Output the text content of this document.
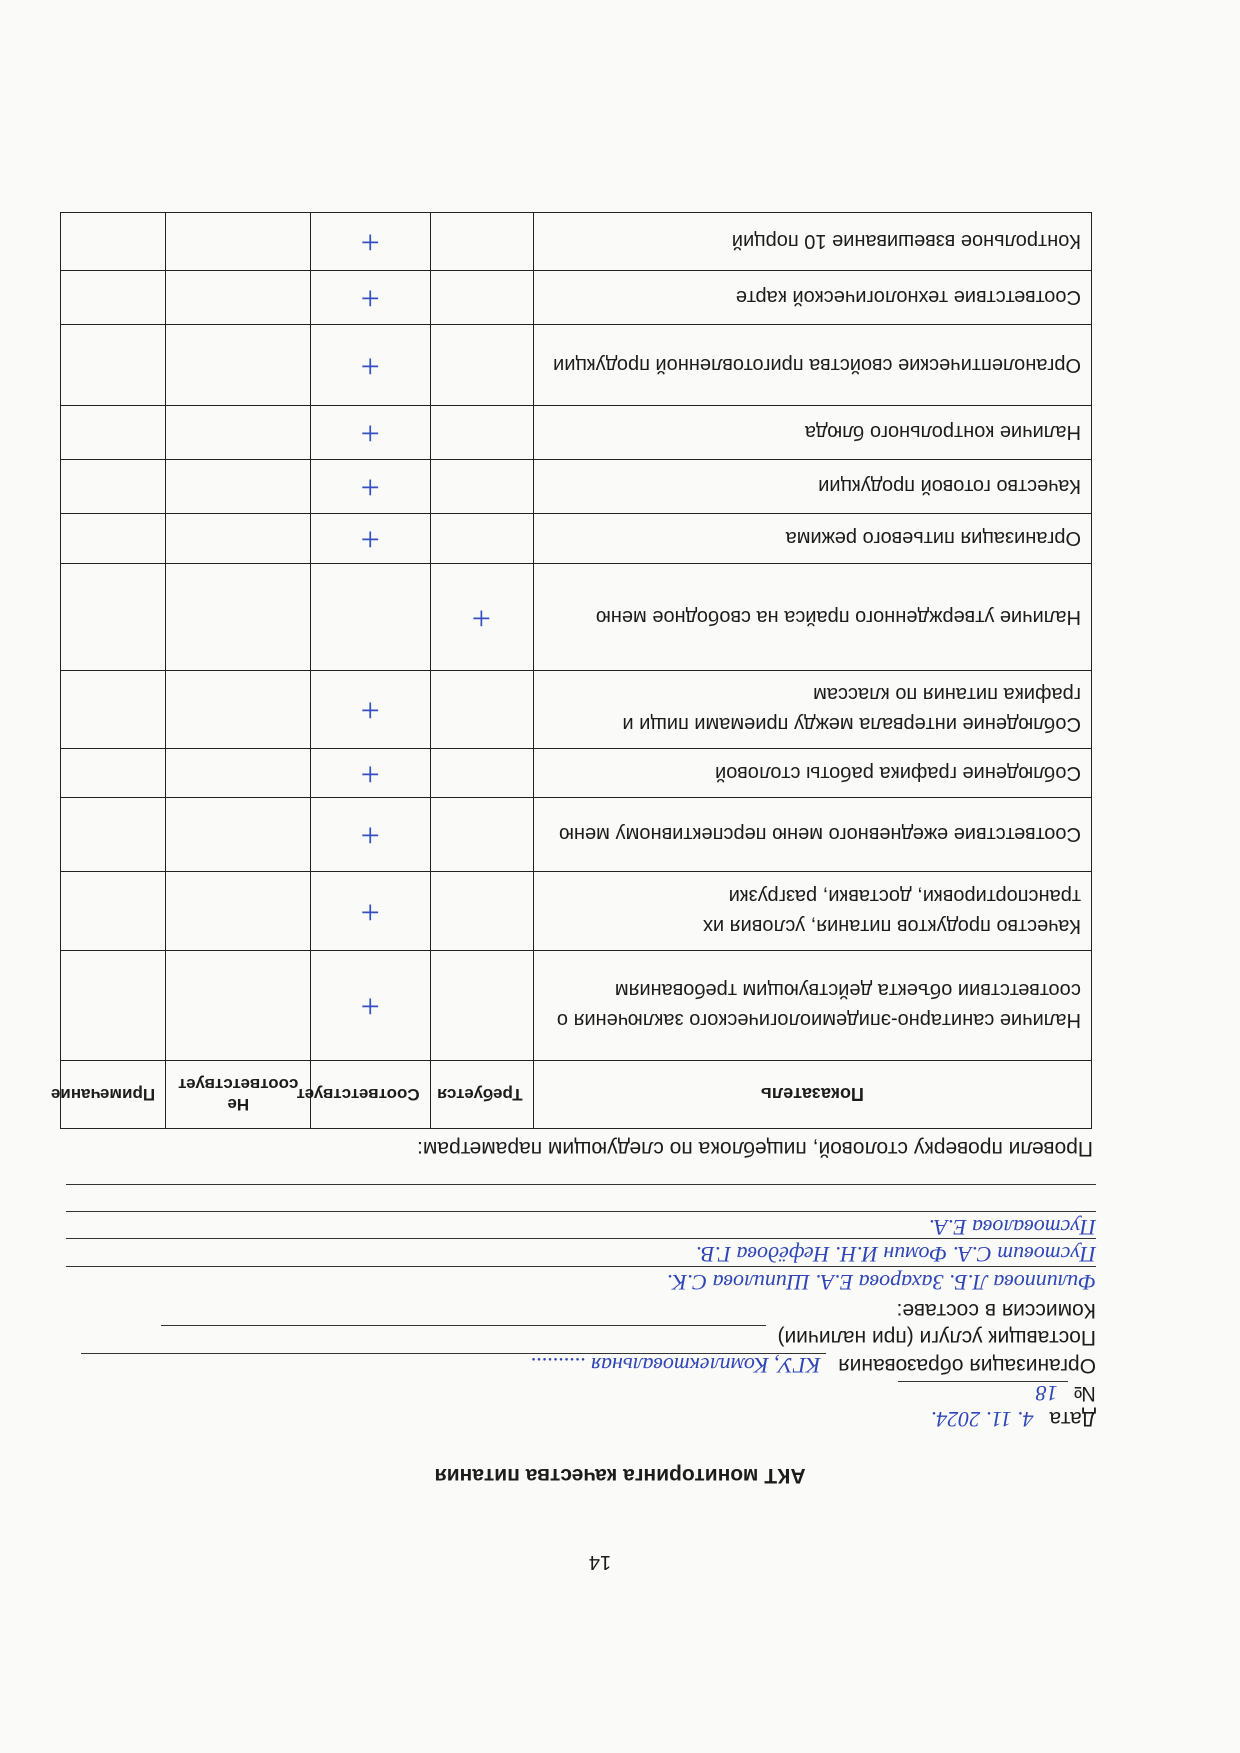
14
АКТ мониторинга качества питания
Дата 4. 11. 2024.
№ 18
Организация образования КГУ, Комплектовальная ..........
Поставщик услуги (при наличии)
Комиссия в составе:
Филиппова Л.Б. Захарова Е.А. Шипилова С.К.
Пустовит С.А. Фомин И.Н. Нефёдова Г.В.
Пустовалова Е.А.
Провели проверку столовой, пищеблока по следующим параметрам:
Показатель	Требуется	Соответствует	Не соответствует	Примечание
Наличие санитарно-эпидемиологического заключения о соответствии объекта действующим требованиям		+		
Качество продуктов питания, условия их транспортировки, доставки, разгрузки		+		
Соответствие ежедневного меню перспективному меню		+		
Соблюдение графика работы столовой		+		
Соблюдение интервала между приемами пищи и графика питания по классам		+		
Наличие утвержденного прайса на свободное меню	+			
Организация питьевого режима		+		
Качество готовой продукции		+		
Наличие контрольного блюда		+		
Органолептические свойства приготовленной продукции		+		
Соответствие технологической карте		+		
Контрольное взвешивание 10 порций		+		
